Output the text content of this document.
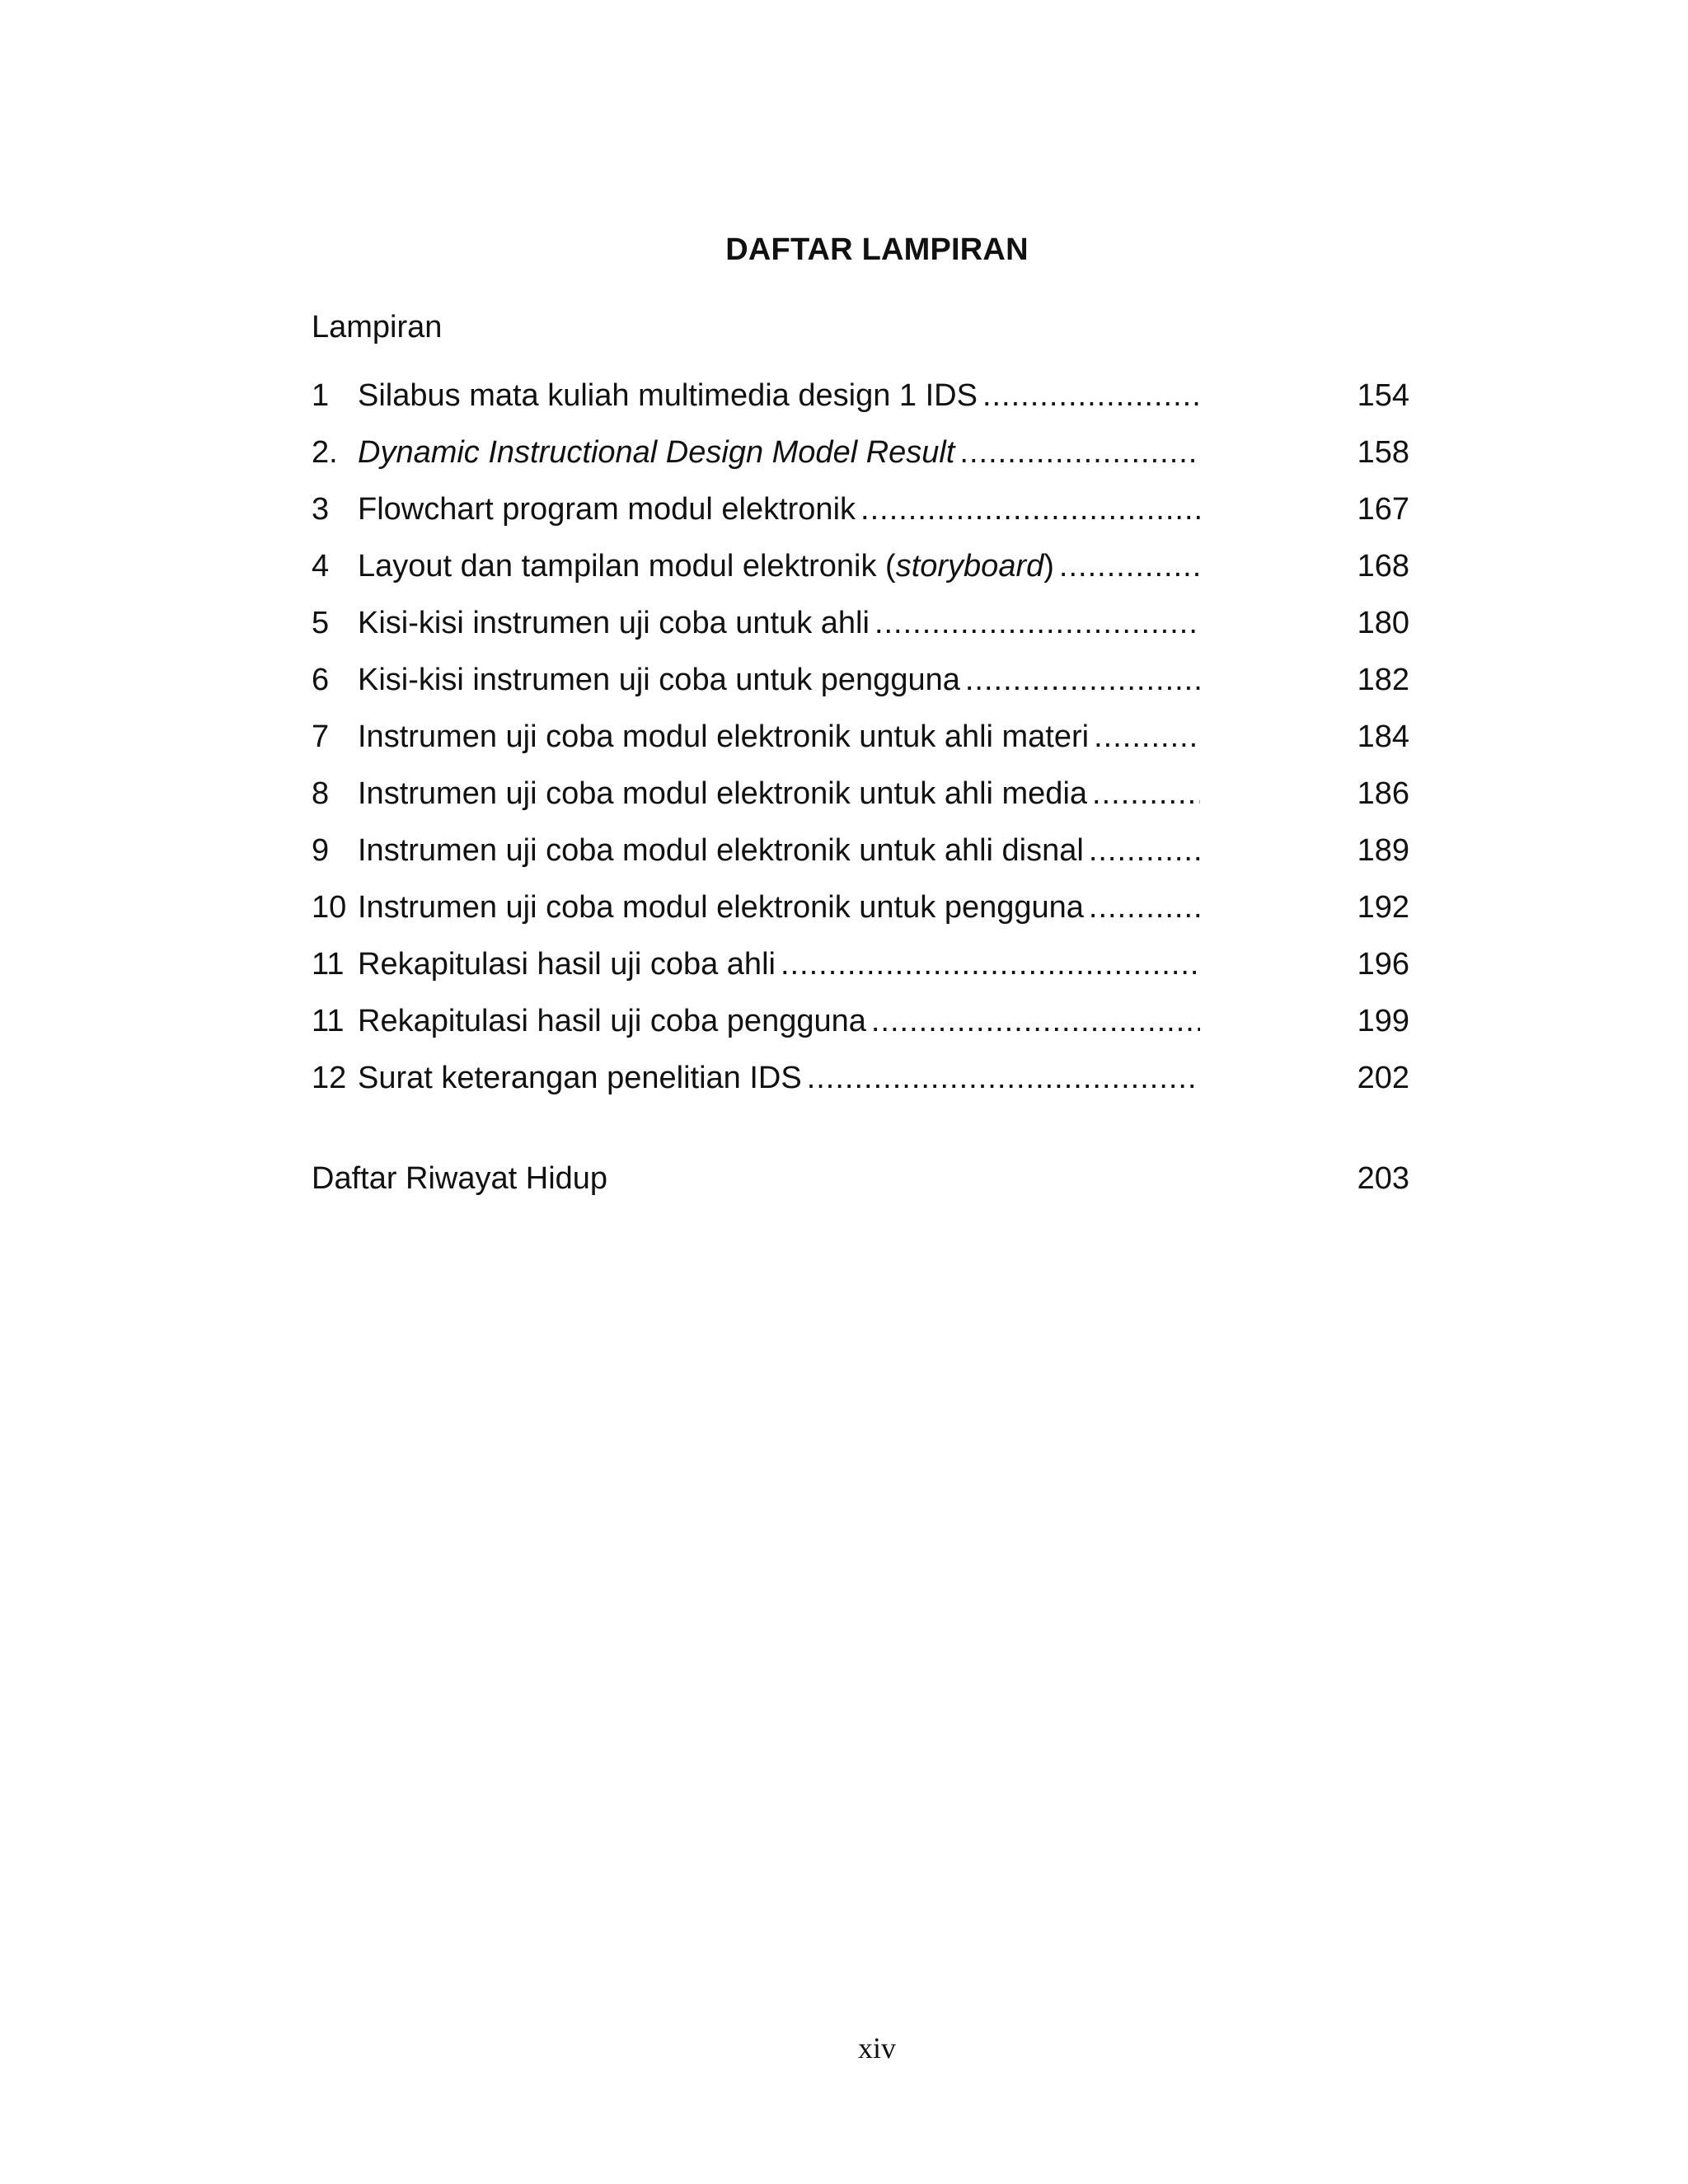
DAFTAR LAMPIRAN
Lampiran
1 Silabus mata kuliah multimedia design 1 IDS .....	154
2. Dynamic Instructional Design Model Result .....	158
3 Flowchart program modul elektronik .....	167
4 Layout dan tampilan modul elektronik (storyboard) .....	168
5 Kisi-kisi instrumen uji coba untuk ahli .....	180
6 Kisi-kisi instrumen uji coba untuk pengguna .....	182
7 Instrumen uji coba modul elektronik untuk ahli materi .....	184
8 Instrumen uji coba modul elektronik untuk ahli media .....	186
9 Instrumen uji coba modul elektronik untuk ahli disnal .....	189
10 Instrumen uji coba modul elektronik untuk pengguna .....	192
11 Rekapitulasi hasil uji coba ahli .....	196
11 Rekapitulasi hasil uji coba pengguna .....	199
12 Surat keterangan penelitian IDS .....	202
Daftar Riwayat Hidup	203
xiv
